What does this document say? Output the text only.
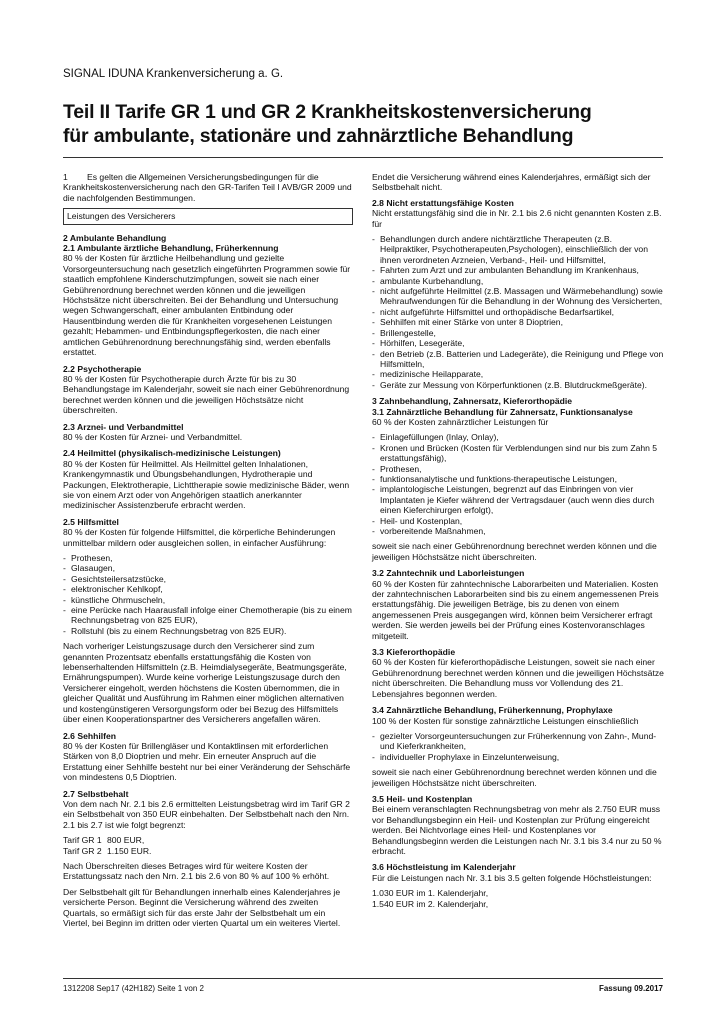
SIGNAL IDUNA Krankenversicherung a. G.
Teil II Tarife GR 1 und GR 2 Krankheitskostenversicherung
für ambulante, stationäre und zahnärztliche Behandlung

1 Es gelten die Allgemeinen Versicherungsbedingungen für die Krankheitskostenversicherung nach den GR-Tarifen Teil I AVB/GR 2009 und die nachfolgenden Bestimmungen.

Leistungen des Versicherers
2 Ambulante Behandlung
2.1 Ambulante ärztliche Behandlung, Früherkennung

80 % der Kosten für ärztliche Heilbehandlung und gezielte Vorsorgeuntersuchung nach gesetzlich eingeführten Programmen sowie für staatlich empfohlene Kinderschutzimpfungen, soweit sie nach einer Gebührenordnung berechnet werden können und die jeweiligen Höchstsätze nicht überschreiten. Bei der Behandlung und Untersuchung wegen Schwangerschaft, einer ambulanten Entbindung oder Hausentbindung werden die für Krankheiten vorgesehenen Leistungen gezahlt; Hebammen- und Entbindungspflegerkosten, die nach einer amtlichen Gebührenordnung berechnungsfähig sind, werden ebenfalls erstattet.

2.2 Psychotherapie

80 % der Kosten für Psychotherapie durch Ärzte für bis zu 30 Behandlungstage im Kalenderjahr, soweit sie nach einer Gebührenordnung berechnet werden können und die jeweiligen Höchstsätze nicht überschreiten.

2.3 Arznei- und Verbandmittel

80 % der Kosten für Arznei- und Verbandmittel.

2.4 Heilmittel (physikalisch-medizinische Leistungen)

80 % der Kosten für Heilmittel. Als Heilmittel gelten Inhalationen, Krankengymnastik und Übungsbehandlungen, Hydrotherapie und Packungen, Elektrotherapie, Lichttherapie sowie medizinische Bäder, wenn sie von einem Arzt oder von Angehörigen staatlich anerkannter medizinischer Assistenzberufe erbracht werden.

2.5 Hilfsmittel

80 % der Kosten für folgende Hilfsmittel, die körperliche Behinderungen unmittelbar mildern oder ausgleichen sollen, in einfacher Ausführung:

- Prothesen,
- Glasaugen,
- Gesichtsteilersatzstücke,
- elektronischer Kehlkopf,
- künstliche Ohrmuscheln,
- eine Perücke nach Haarausfall infolge einer Chemotherapie (bis zu einem Rechnungsbetrag von 825 EUR),
- Rollstuhl (bis zu einem Rechnungsbetrag von 825 EUR).

Nach vorheriger Leistungszusage durch den Versicherer sind zum genannten Prozentsatz ebenfalls erstattungsfähig die Kosten von lebenserhaltenden Hilfsmitteln (z.B. Heimdialysegeräte, Beatmungsgeräte, Ernährungspumpen). Wurde keine vorherige Leistungszusage durch den Versicherer eingeholt, werden höchstens die Kosten übernommen, die in gleicher Qualität und Ausführung im Rahmen einer möglichen alternativen und kostengünstigeren Versorgungsform oder bei Bezug des Hilfsmittels über einen Kooperationspartner des Versicherers angefallen wären.

2.6 Sehhilfen

80 % der Kosten für Brillengläser und Kontaktlinsen mit erforderlichen Stärken von 8,0 Dioptrien und mehr. Ein erneuter Anspruch auf die Erstattung einer Sehhilfe besteht nur bei einer Veränderung der Sehschärfe von mindestens 0,5 Dioptrien.

2.7 Selbstbehalt

Von dem nach Nr. 2.1 bis 2.6 ermittelten Leistungsbetrag wird im Tarif GR 2 ein Selbstbehalt von 350 EUR einbehalten. Der Selbstbehalt nach den Nrn. 2.1 bis 2.7 ist wie folgt begrenzt:

Tarif GR 1 800 EUR,
Tarif GR 2 1.150 EUR.

Nach Überschreiten dieses Betrages wird für weitere Kosten der Erstattungssatz nach den Nrn. 2.1 bis 2.6 von 80 % auf 100 % erhöht.

Der Selbstbehalt gilt für Behandlungen innerhalb eines Kalenderjahres je versicherte Person. Beginnt die Versicherung während des zweiten Quartals, so ermäßigt sich für das erste Jahr der Selbstbehalt um ein Viertel, bei Beginn im dritten oder vierten Quartal um ein weiteres Viertel.

Endet die Versicherung während eines Kalenderjahres, ermäßigt sich der Selbstbehalt nicht.

2.8 Nicht erstattungsfähige Kosten

Nicht erstattungsfähig sind die in Nr. 2.1 bis 2.6 nicht genannten Kosten z.B. für

- Behandlungen durch andere nichtärztliche Therapeuten (z.B. Heilpraktiker, Psychotherapeuten,Psychologen), einschließlich der von ihnen verordneten Arzneien, Verband-, Heil- und Hilfsmittel,
- Fahrten zum Arzt und zur ambulanten Behandlung im Krankenhaus,
- ambulante Kurbehandlung,
- nicht aufgeführte Heilmittel (z.B. Massagen und Wärmebehandlung) sowie Mehraufwendungen für die Behandlung in der Wohnung des Versicherten,
- nicht aufgeführte Hilfsmittel und orthopädische Bedarfsartikel,
- Sehhilfen mit einer Stärke von unter 8 Dioptrien,
- Brillengestelle,
- Hörhilfen, Lesegeräte,
- den Betrieb (z.B. Batterien und Ladegeräte), die Reinigung und Pflege von Hilfsmitteln,
- medizinische Heilapparate,
- Geräte zur Messung von Körperfunktionen (z.B. Blutdruckmeßgeräte).
3 Zahnbehandlung, Zahnersatz, Kieferorthopädie
3.1 Zahnärztliche Behandlung für Zahnersatz, Funktionsanalyse

60 % der Kosten zahnärztlicher Leistungen für

- Einlagefüllungen (Inlay, Onlay),
- Kronen und Brücken (Kosten für Verblendungen sind nur bis zum Zahn 5 erstattungsfähig),
- Prothesen,
- funktionsanalytische und funktions-therapeutische Leistungen,
- implantologische Leistungen, begrenzt auf das Einbringen von vier Implantaten je Kiefer während der Vertragsdauer (auch wenn dies durch einen Kieferchirurgen erfolgt),
- Heil- und Kostenplan,
- vorbereitende Maßnahmen,

soweit sie nach einer Gebührenordnung berechnet werden können und die jeweiligen Höchstsätze nicht überschreiten.

3.2 Zahntechnik und Laborleistungen

60 % der Kosten für zahntechnische Laborarbeiten und Materialien. Kosten der zahntechnischen Laborarbeiten sind bis zu einem angemessenen Preis erstattungsfähig. Die jeweiligen Beträge, bis zu denen von einem angemessenen Preis ausgegangen wird, können beim Versicherer erfragt werden. Sie werden jeweils bei der Prüfung eines Kostenvoranschlages mitgeteilt.

3.3 Kieferorthopädie

60 % der Kosten für kieferorthopädische Leistungen, soweit sie nach einer Gebührenordnung berechnet werden können und die jeweiligen Höchstsätze nicht überschreiten. Die Behandlung muss vor Vollendung des 21. Lebensjahres begonnen werden.

3.4 Zahnärztliche Behandlung, Früherkennung, Prophylaxe

100 % der Kosten für sonstige zahnärztliche Leistungen einschließlich

- gezielter Vorsorgeuntersuchungen zur Früherkennung von Zahn-, Mund- und Kieferkrankheiten,
- individueller Prophylaxe in Einzelunterweisung,

soweit sie nach einer Gebührenordnung berechnet werden können und die jeweiligen Höchstsätze nicht überschreiten.

3.5 Heil- und Kostenplan

Bei einem veranschlagten Rechnungsbetrag von mehr als 2.750 EUR muss vor Behandlungsbeginn ein Heil- und Kostenplan zur Prüfung eingereicht werden. Bei Nichtvorlage eines Heil- und Kostenplanes vor Behandlungsbeginn werden die Leistungen nach Nr. 3.1 bis 3.4 nur zu 50 % erbracht.

3.6 Höchstleistung im Kalenderjahr

Für die Leistungen nach Nr. 3.1 bis 3.5 gelten folgende Höchstleistungen:

1.030 EUR im 1. Kalenderjahr,
1.540 EUR im 2. Kalenderjahr,
1312208 Sep17 (42H182) Seite 1 von 2	Fassung 09.2017
